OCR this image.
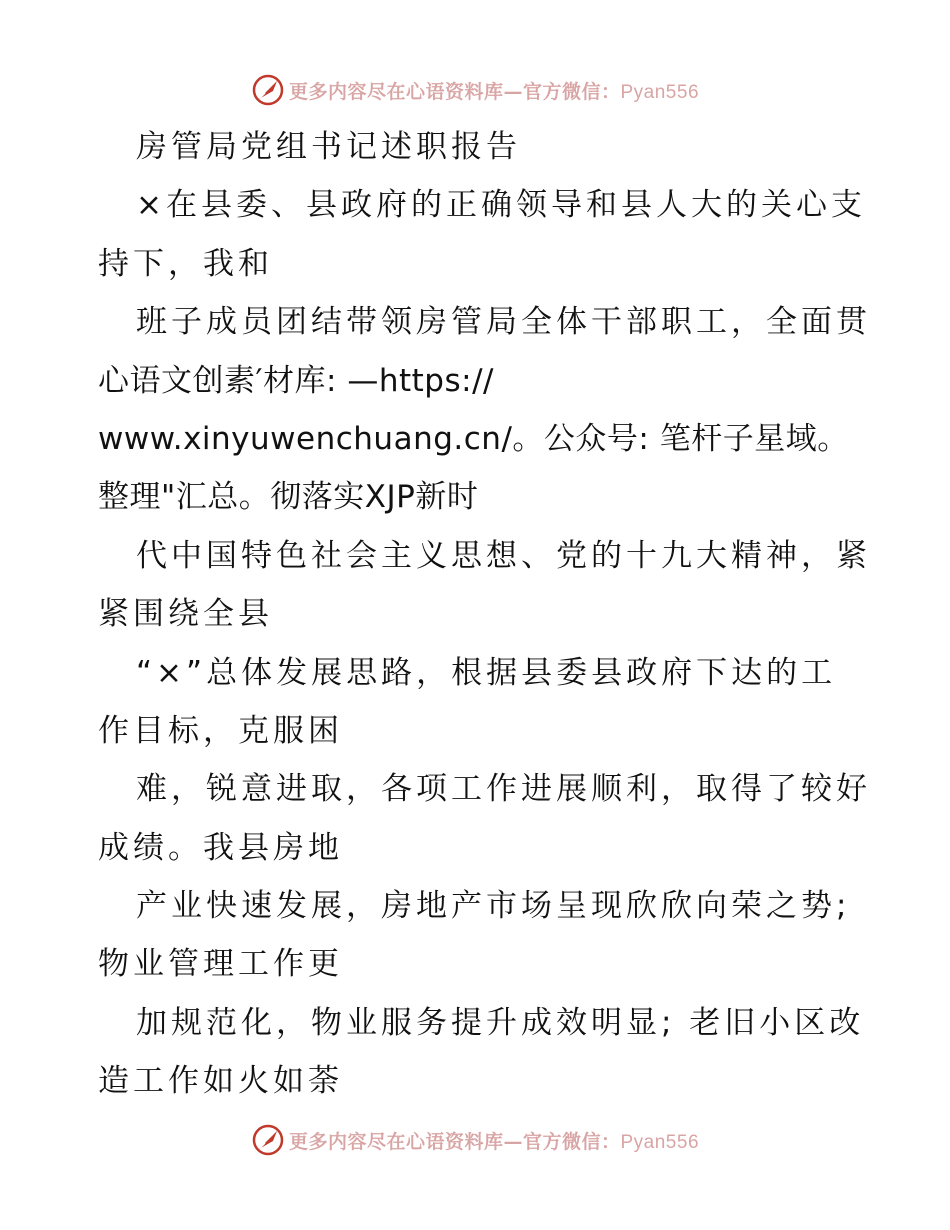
更多内容尽在心语资料库—官方微信：Pyan556
房管局党组书记述职报告
×在县委、县政府的正确领导和县人大的关心支
持下，我和
班子成员团结带领房管局全体干部职工，全面贯
心语文创素′材库: —https://
www.xinyuwenchuang.cn/。公众号: 笔杆子星域。
整理"汇总。彻落实XJP新时
代中国特色社会主义思想、党的十九大精神，紧
紧围绕全县
“×”总体发展思路，根据县委县政府下达的工
作目标，克服困
难，锐意进取，各项工作进展顺利，取得了较好
成绩。我县房地
产业快速发展，房地产市场呈现欣欣向荣之势;
物业管理工作更
加规范化，物业服务提升成效明显; 老旧小区改
造工作如火如荼
更多内容尽在心语资料库—官方微信：Pyan556
